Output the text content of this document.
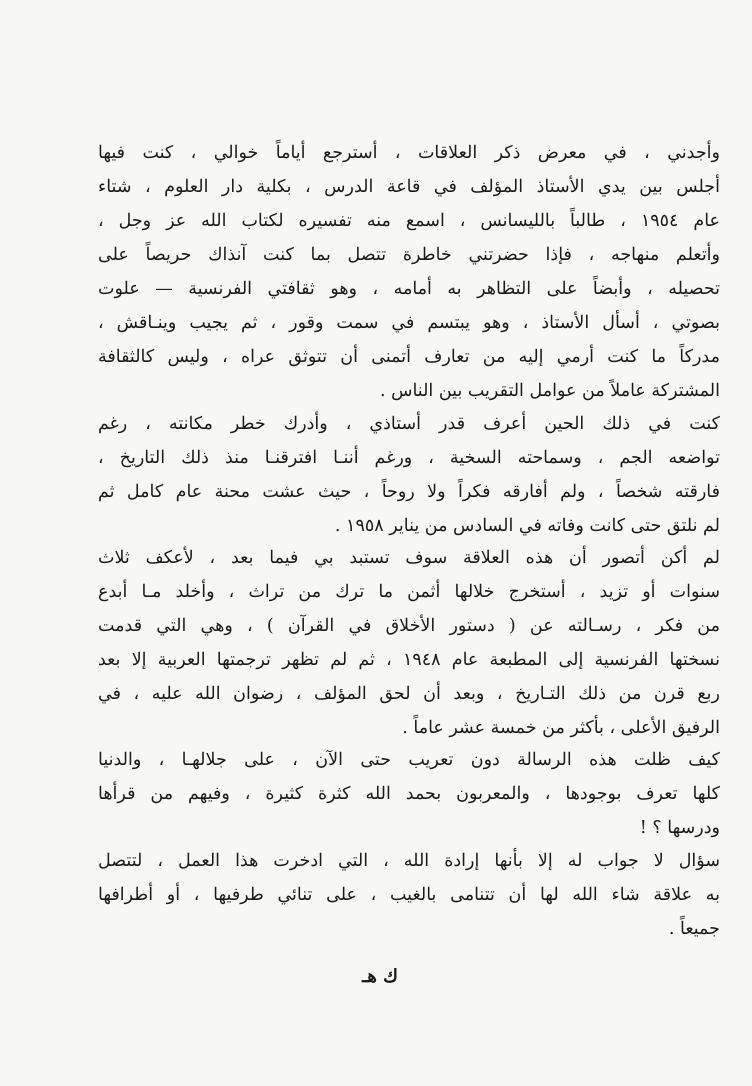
وأجدني ، في معرض ذكر العلاقات ، أسترجع أياماً خوالي ، كنت فيها
أجلس بين يدي الأستاذ المؤلف في قاعة الدرس ، بكلية دار العلوم ، شتاء
عام ١٩٥٤ ، طالباً بالليسانس ، اسمع منه تفسيره لكتاب الله عز وجل ،
وأتعلم منهاجه ، فإذا حضرتني خاطرة تتصل بما كنت آنذاك حريصاً على
تحصيله ، وأبضاً على التظاهر به أمامه ، وهو ثقافتي الفرنسية — علوت
بصوتي ، أسأل الأستاذ ، وهو يبتسم في سمت وقور ، ثم يجيب وينـاقش ،
مدركاً ما كنت أرمي إليه من تعارف أتمنى أن تتوثق عراه ، وليس كالثقافة
المشتركة عاملاً من عوامل التقريب بين الناس .
كنت في ذلك الحين أعرف قدر أستاذي ، وأدرك خطر مكانته ، رغم
تواضعه الجم ، وسماحته السخية ، ورغم أننـا افترقنـا منذ ذلك التاريخ ،
فارقته شخصاً ، ولم أفارقه فكراً ولا روحاً ، حيث عشت محنة عام كامل ثم
لم نلتق حتى كانت وفاته في السادس من يناير ١٩٥٨ .
لم أكن أتصور أن هذه العلاقة سوف تستبد بي فيما بعد ، لأعكف ثلاث
سنوات أو تزيد ، أستخرج خلالها أثمن ما ترك من تراث ، وأخلد مـا أبدع
من فكر ، رسـالته عن ( دستور الأخلاق في القرآن ) ، وهي التي قدمت
نسختها الفرنسية إلى المطبعة عام ١٩٤٨ ، ثم لم تظهر ترجمتها العربية إلا بعد
ربع قرن من ذلك التـاريخ ، وبعد أن لحق المؤلف ، رضوان الله عليه ، في
الرفيق الأعلى ، بأكثر من خمسة عشر عاماً .
كيف ظلت هذه الرسالة دون تعريب حتى الآن ، على جلالهـا ، والدنيا
كلها تعرف بوجودها ، والمعربون بحمد الله كثرة كثيرة ، وفيهم من قرأها
ودرسها ؟ !
سؤال لا جواب له إلا بأنها إرادة الله ، التي ادخرت هذا العمل ، لتتصل
به علاقة شاء الله لها أن تتنامى بالغيب ، على تنائي طرفيها ، أو أطرافها
جميعاً .
ك هـ
